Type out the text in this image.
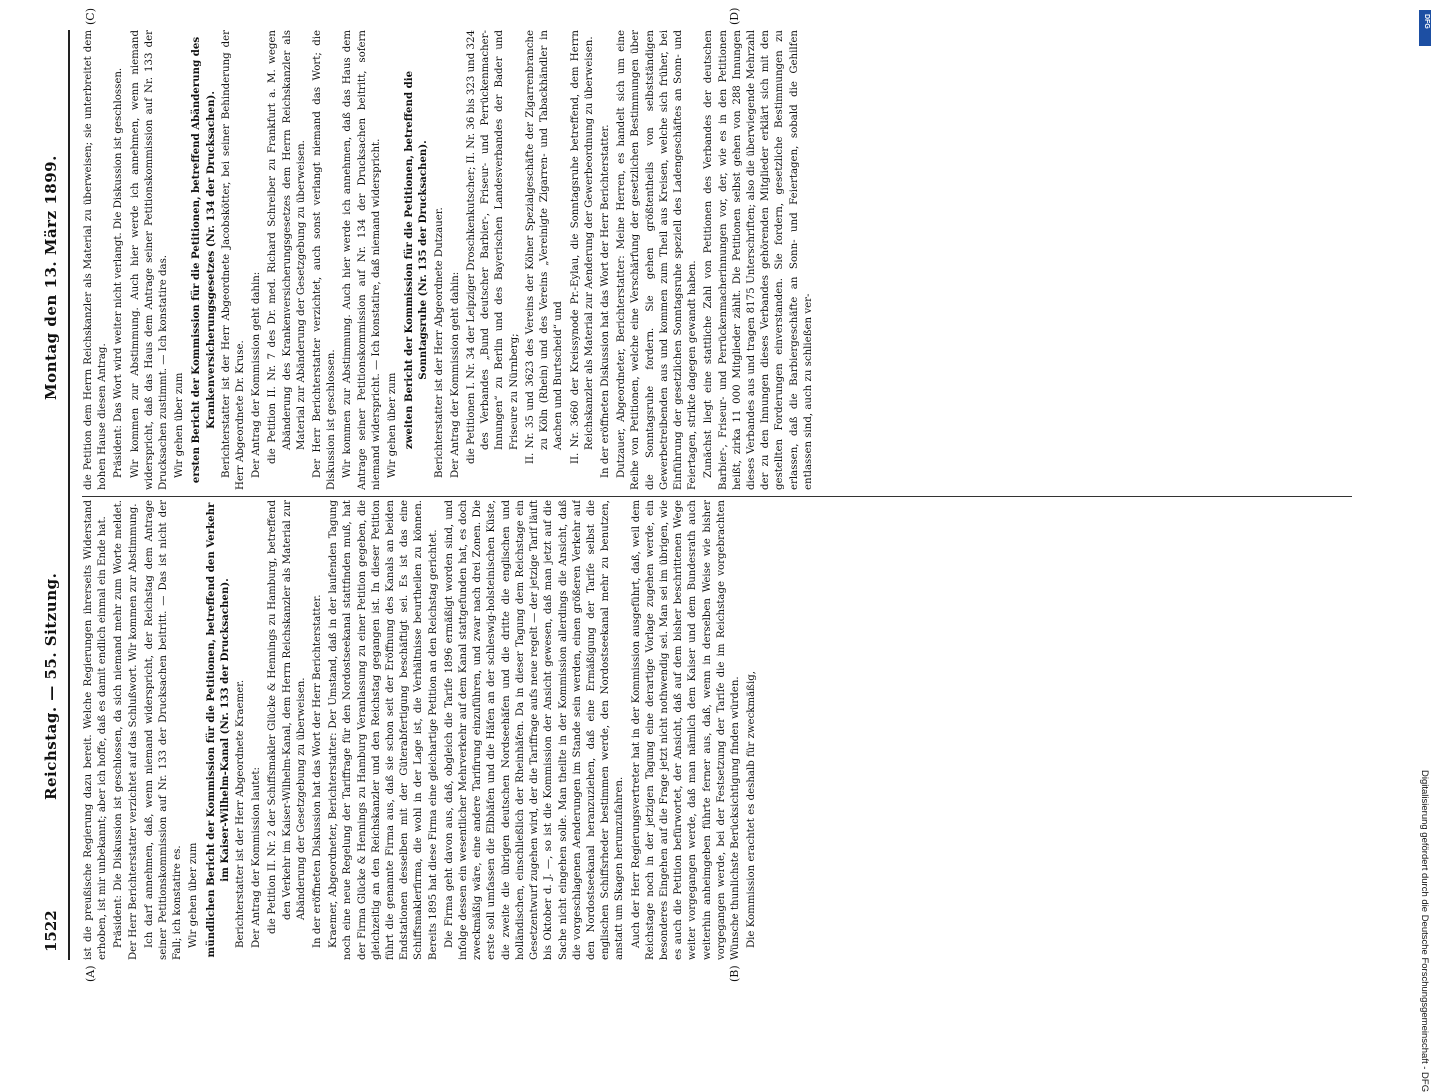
1522
Reichstag. — 55. Sitzung.
Montag den 13. März 1899.

ist die preußische Regierung dazu bereit. Welche Regierungen ihrerseits Widerstand erhoben, ist mir unbekannt; aber ich hoffe, daß es damit endlich einmal ein Ende hat. Präsident: Die Diskussion ist geschlossen, da sich niemand mehr zum Worte meldet. Der Herr Berichterstatter verzichtet auf das Schlußwort. Wir kommen zur Abstimmung. Ich darf annehmen, daß, wenn niemand widerspricht, der Reichstag dem Antrage seiner Petitionskommission auf Nr. 133 der Drucksachen beitritt. — Das ist nicht der Fall; ich konstatire es. Wir gehen über zum mündlichen Bericht der Kommission für die Petitionen, betreffend den Verkehr im Kaiser-Wilhelm-Kanal (Nr. 133 der Drucksachen). Berichterstatter ist der Herr Abgeordnete Kraemer. Der Antrag der Kommission lautet: die Petition II. Nr. 2 der Schiffsmakler Glücke & Hennings zu Hamburg, betreffend den Verkehr im Kaiser-Wilhelm-Kanal, dem Herrn Reichskanzler als Material zur Abänderung der Gesetzgebung zu überweisen. In der eröffneten Diskussion hat das Wort der Herr Berichterstatter. Kraemer, Abgeordneter, Berichterstatter: Der Umstand, daß in der laufenden Tagung noch eine neue Regelung der Tariffrage für den Nordostseekanal stattfinden muß, hat der Firma Glücke & Hennings zu Hamburg Veranlassung zu einer Petition gegeben, die gleichzeitig an den Reichskanzler und den Reichstag gegangen ist. In dieser Petition führt die genannte Firma aus, daß sie schon seit der Eröffnung des Kanals an beiden Endstationen desselben mit der Güterabfertigung beschäftigt sei. Es ist das eine Schiffsmaklerfirma, die wohl in der Lage ist, die Verhältnisse beurtheilen zu können. Bereits 1895 hat diese Firma eine gleichartige Petition an den Reichstag gerichtet. Die Firma geht davon aus, daß, obgleich die Tarife 1896 ermäßigt worden sind, und infolge dessen ein wesentlicher Mehrverkehr auf dem Kanal stattgefunden hat, es doch zweckmäßig wäre, eine andere Tarifirung einzuführen, und zwar nach drei Zonen. Die erste soll umfassen die Elbhäfen und die Häfen an der schleswig-holsteinischen Küste, die zweite die übrigen deutschen Nordseehäfen und die dritte die englischen und holländischen, einschließlich der Rheinhäfen. Da in dieser Tagung dem Reichstage ein Gesetzentwurf zugehen wird, der die Tariffrage aufs neue regelt — der jetzige Tarif läuft bis Oktober d. J. —, so ist die Kommission der Ansicht gewesen, daß man jetzt auf die Sache nicht eingehen solle. Man theilte in der Kommission allerdings die Ansicht, daß die vorgeschlagenen Aenderungen im Stande sein werden, einen größeren Verkehr auf den Nordostseekanal heranzuziehen, daß eine Ermäßigung der Tarife selbst die englischen Schiffsrheder bestimmen werde, den Nordostseekanal mehr zu benutzen, anstatt um Skagen herumzufahren. Auch der Herr Regierungsvertreter hat in der Kommission ausgeführt, daß, weil dem Reichstage noch in der jetzigen Tagung eine derartige Vorlage zugehen werde, ein besonderes Eingehen auf die Frage jetzt nicht nothwendig sei. Man sei im übrigen, wie es auch die Petition befürwortet, der Ansicht, daß auf dem bisher beschrittenen Wege weiter vorgegangen werde, daß man nämlich dem Kaiser und dem Bundesrath auch weiterhin anheimgeben führte ferner aus, daß, wenn in derselben Weise wie bisher vorgegangen werde, bei der Festsetzung der Tarife die im Reichstage vorgebrachten Wünsche thunlichste Berücksichtigung finden würden. Die Kommission erachtet es deshalb für zweckmäßig,

die Petition dem Herrn Reichskanzler als Material zu überweisen; sie unterbreitet dem hohen Hause diesen Antrag. Präsident: Das Wort wird weiter nicht verlangt. Die Diskussion ist geschlossen. Wir kommen zur Abstimmung. Auch hier werde ich annehmen, wenn niemand widerspricht, daß das Haus dem Antrage seiner Petitionskommission auf Nr. 133 der Drucksachen zustimmt. — Ich konstatire das. Wir gehen über zum ersten Bericht der Kommission für die Petitionen, betreffend Abänderung des Krankenversicherungsgesetzes (Nr. 134 der Drucksachen). Berichterstatter ist der Herr Abgeordnete Jacobskötter, bei seiner Behinderung der Herr Abgeordnete Dr. Kruse. Der Antrag der Kommission geht dahin: die Petition II. Nr. 7 des Dr. med. Richard Schreiber zu Frankfurt a. M. wegen Abänderung des Krankenversicherungsgesetzes dem Herrn Reichskanzler als Material zur Abänderung der Gesetzgebung zu überweisen. Der Herr Berichterstatter verzichtet, auch sonst verlangt niemand das Wort; die Diskussion ist geschlossen. Wir kommen zur Abstimmung. Auch hier werde ich annehmen, daß das Haus dem Antrage seiner Petitionskommission auf Nr. 134 der Drucksachen beitritt, sofern niemand widerspricht. — Ich konstatire, daß niemand widerspricht. Wir gehen über zum zweiten Bericht der Kommission für die Petitionen, betreffend die Sonntagsruhe (Nr. 135 der Drucksachen). Berichterstatter ist der Herr Abgeordnete Dutzauer. Der Antrag der Kommission geht dahin: die Petitionen I. Nr. 34 der Leipziger Droschkenkutscher; II. Nr. 36 bis 323 und 324 des Verbandes „Bund deutscher Barbier-, Friseur- und Perrückenmacher-Innungen“ zu Berlin und des Bayerischen Landesverbandes der Bader und Friseure zu Nürnberg; II. Nr. 35 und 3623 des Vereins der Kölner Spezialgeschäfte der Zigarrenbranche zu Köln (Rhein) und des Vereins „Vereinigte Zigarren- und Tabackhändler in Aachen und Burtscheid“ und II. Nr. 3660 der Kreissynode Pr.-Eylau, die Sonntagsruhe betreffend, dem Herrn Reichskanzler als Material zur Aenderung der Gewerbeordnung zu überweisen. In der eröffneten Diskussion hat das Wort der Herr Berichterstatter. Dutzauer, Abgeordneter, Berichterstatter: Meine Herren, es handelt sich um eine Reihe von Petitionen, welche eine Verschärfung der gesetzlichen Bestimmungen über die Sonntagsruhe fordern. Sie gehen größtentheils von selbstständigen Gewerbetreibenden aus und kommen zum Theil aus Kreisen, welche sich früher, bei Einführung der gesetzlichen Sonntagsruhe speziell des Ladengeschäftes an Sonn- und Feiertagen, strikte dagegen gewandt haben. Zunächst liegt eine stattliche Zahl von Petitionen des Verbandes der deutschen Barbier-, Friseur- und Perrückenmacherinnungen vor, der, wie es in den Petitionen heißt, zirka 11 000 Mitglieder zählt. Die Petitionen selbst gehen von 288 Innungen dieses Verbandes aus und tragen 8175 Unterschriften; also die überwiegende Mehrzahl der zu den Innungen dieses Verbandes gehörenden Mitglieder erklärt sich mit den gestellten Forderungen einverstanden. Sie fordern, gesetzliche Bestimmungen zu erlassen, daß die Barbiergeschäfte an Sonn- und Feiertagen, sobald die Gehilfen entlassen sind, auch zu schließen ver-

(A)	(B)
(C)	(D)	DFG
Digitalisierung gefördert durch die Deutsche Forschungsgemeinschaft - DFG
